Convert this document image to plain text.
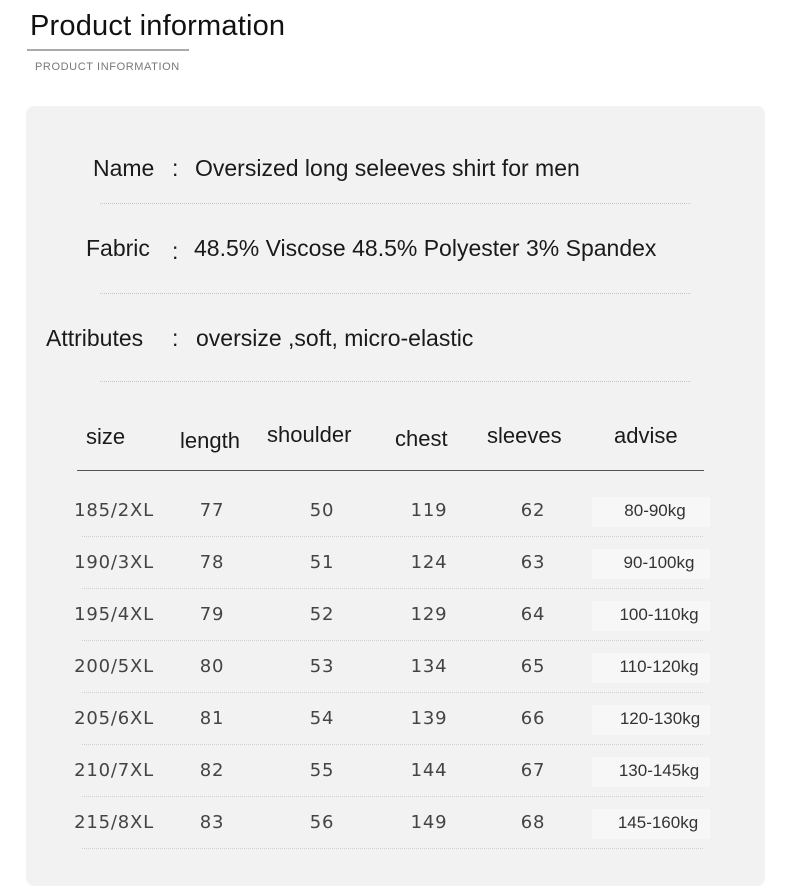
Product information
PRODUCT INFORMATION
Name : Oversized long seleeves shirt for men
Fabric : 48.5% Viscose 48.5% Polyester 3% Spandex
Attributes : oversize ,soft, micro-elastic
size length shoulder chest sleeves advise
185/2XL	77	50	119	62	80-90kg
190/3XL	78	51	124	63	90-100kg
195/4XL	79	52	129	64	100-110kg
200/5XL	80	53	134	65	110-120kg
205/6XL	81	54	139	66	120-130kg
210/7XL	82	55	144	67	130-145kg
215/8XL	83	56	149	68	145-160kg
